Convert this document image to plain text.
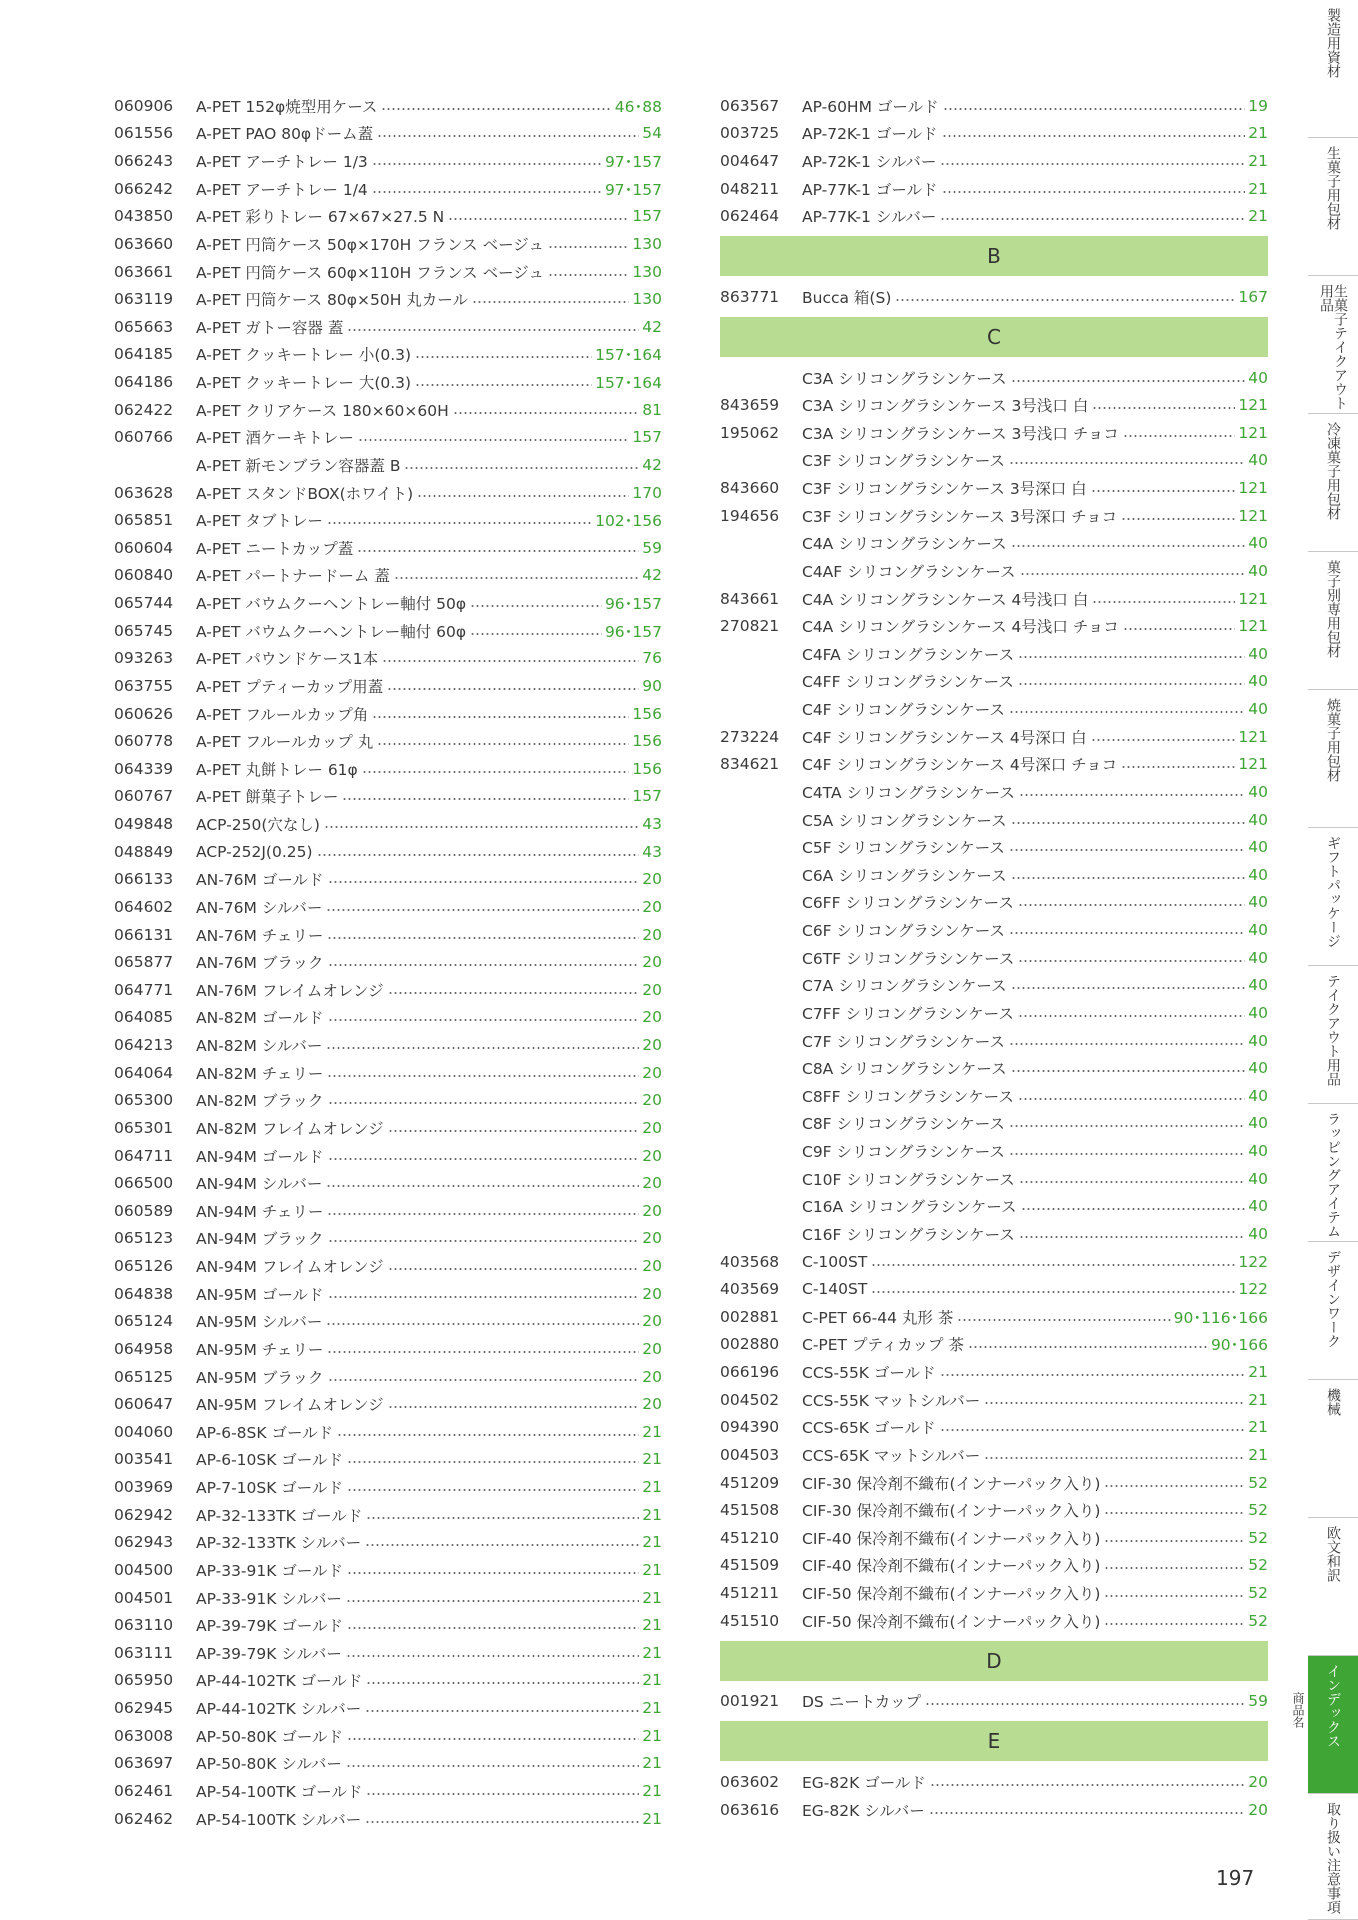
060906	A-PET 152φ焼型用ケース	46･88
061556	A-PET PAO 80φドーム蓋	54
066243	A-PET アーチトレー 1/3	97･157
066242	A-PET アーチトレー 1/4	97･157
043850	A-PET 彩りトレー 67×67×27.5 N	157
063660	A-PET 円筒ケース 50φ×170H フランス ベージュ	130
063661	A-PET 円筒ケース 60φ×110H フランス ベージュ	130
063119	A-PET 円筒ケース 80φ×50H 丸カール	130
065663	A-PET ガトー容器 蓋	42
064185	A-PET クッキートレー 小(0.3)	157･164
064186	A-PET クッキートレー 大(0.3)	157･164
062422	A-PET クリアケース 180×60×60H	81
060766	A-PET 酒ケーキトレー	157
A-PET 新モンブラン容器蓋 B	42
063628	A-PET スタンドBOX(ホワイト)	170
065851	A-PET タブトレー	102･156
060604	A-PET ニートカップ蓋	59
060840	A-PET パートナードーム 蓋	42
065744	A-PET バウムクーヘントレー軸付 50φ	96･157
065745	A-PET バウムクーヘントレー軸付 60φ	96･157
093263	A-PET パウンドケース1本	76
063755	A-PET プティーカップ用蓋	90
060626	A-PET フルールカップ角	156
060778	A-PET フルールカップ 丸	156
064339	A-PET 丸餅トレー 61φ	156
060767	A-PET 餅菓子トレー	157
049848	ACP-250(穴なし)	43
048849	ACP-252J(0.25)	43
066133	AN-76M ゴールド	20
064602	AN-76M シルバー	20
066131	AN-76M チェリー	20
065877	AN-76M ブラック	20
064771	AN-76M フレイムオレンジ	20
064085	AN-82M ゴールド	20
064213	AN-82M シルバー	20
064064	AN-82M チェリー	20
065300	AN-82M ブラック	20
065301	AN-82M フレイムオレンジ	20
064711	AN-94M ゴールド	20
066500	AN-94M シルバー	20
060589	AN-94M チェリー	20
065123	AN-94M ブラック	20
065126	AN-94M フレイムオレンジ	20
064838	AN-95M ゴールド	20
065124	AN-95M シルバー	20
064958	AN-95M チェリー	20
065125	AN-95M ブラック	20
060647	AN-95M フレイムオレンジ	20
004060	AP-6-8SK ゴールド	21
003541	AP-6-10SK ゴールド	21
003969	AP-7-10SK ゴールド	21
062942	AP-32-133TK ゴールド	21
062943	AP-32-133TK シルバー	21
004500	AP-33-91K ゴールド	21
004501	AP-33-91K シルバー	21
063110	AP-39-79K ゴールド	21
063111	AP-39-79K シルバー	21
065950	AP-44-102TK ゴールド	21
062945	AP-44-102TK シルバー	21
063008	AP-50-80K ゴールド	21
063697	AP-50-80K シルバー	21
062461	AP-54-100TK ゴールド	21
062462	AP-54-100TK シルバー	21
063567	AP-60HM ゴールド	19
003725	AP-72K-1 ゴールド	21
004647	AP-72K-1 シルバー	21
048211	AP-77K-1 ゴールド	21
062464	AP-77K-1 シルバー	21
B
863771	Bucca 箱(S)	167
C
C3A シリコングラシンケース	40
843659	C3A シリコングラシンケース 3号浅口 白	121
195062	C3A シリコングラシンケース 3号浅口 チョコ	121
C3F シリコングラシンケース	40
843660	C3F シリコングラシンケース 3号深口 白	121
194656	C3F シリコングラシンケース 3号深口 チョコ	121
C4A シリコングラシンケース	40
C4AF シリコングラシンケース	40
843661	C4A シリコングラシンケース 4号浅口 白	121
270821	C4A シリコングラシンケース 4号浅口 チョコ	121
C4FA シリコングラシンケース	40
C4FF シリコングラシンケース	40
C4F シリコングラシンケース	40
273224	C4F シリコングラシンケース 4号深口 白	121
834621	C4F シリコングラシンケース 4号深口 チョコ	121
C4TA シリコングラシンケース	40
C5A シリコングラシンケース	40
C5F シリコングラシンケース	40
C6A シリコングラシンケース	40
C6FF シリコングラシンケース	40
C6F シリコングラシンケース	40
C6TF シリコングラシンケース	40
C7A シリコングラシンケース	40
C7FF シリコングラシンケース	40
C7F シリコングラシンケース	40
C8A シリコングラシンケース	40
C8FF シリコングラシンケース	40
C8F シリコングラシンケース	40
C9F シリコングラシンケース	40
C10F シリコングラシンケース	40
C16A シリコングラシンケース	40
C16F シリコングラシンケース	40
403568	C-100ST	122
403569	C-140ST	122
002881	C-PET 66-44 丸形 茶	90･116･166
002880	C-PET プティカップ 茶	90･166
066196	CCS-55K ゴールド	21
004502	CCS-55K マットシルバー	21
094390	CCS-65K ゴールド	21
004503	CCS-65K マットシルバー	21
451209	CIF-30 保冷剤不織布(インナーパック入り)	52
451508	CIF-30 保冷剤不織布(インナーパック入り)	52
451210	CIF-40 保冷剤不織布(インナーパック入り)	52
451509	CIF-40 保冷剤不織布(インナーパック入り)	52
451211	CIF-50 保冷剤不織布(インナーパック入り)	52
451510	CIF-50 保冷剤不織布(インナーパック入り)	52
D
001921	DS ニートカップ	59
E
063602	EG-82K ゴールド	20
063616	EG-82K シルバー	20
製造用資材
生菓子用包材
生菓子テイクアウト用品
冷凍菓子用包材
菓子別専用包材
焼菓子用包材
ギフトパッケージ
テイクアウト用品
ラッピングアイテム
デザインワーク
機械
欧文和訳
インデックス
取り扱い注意事項
商品名
197
